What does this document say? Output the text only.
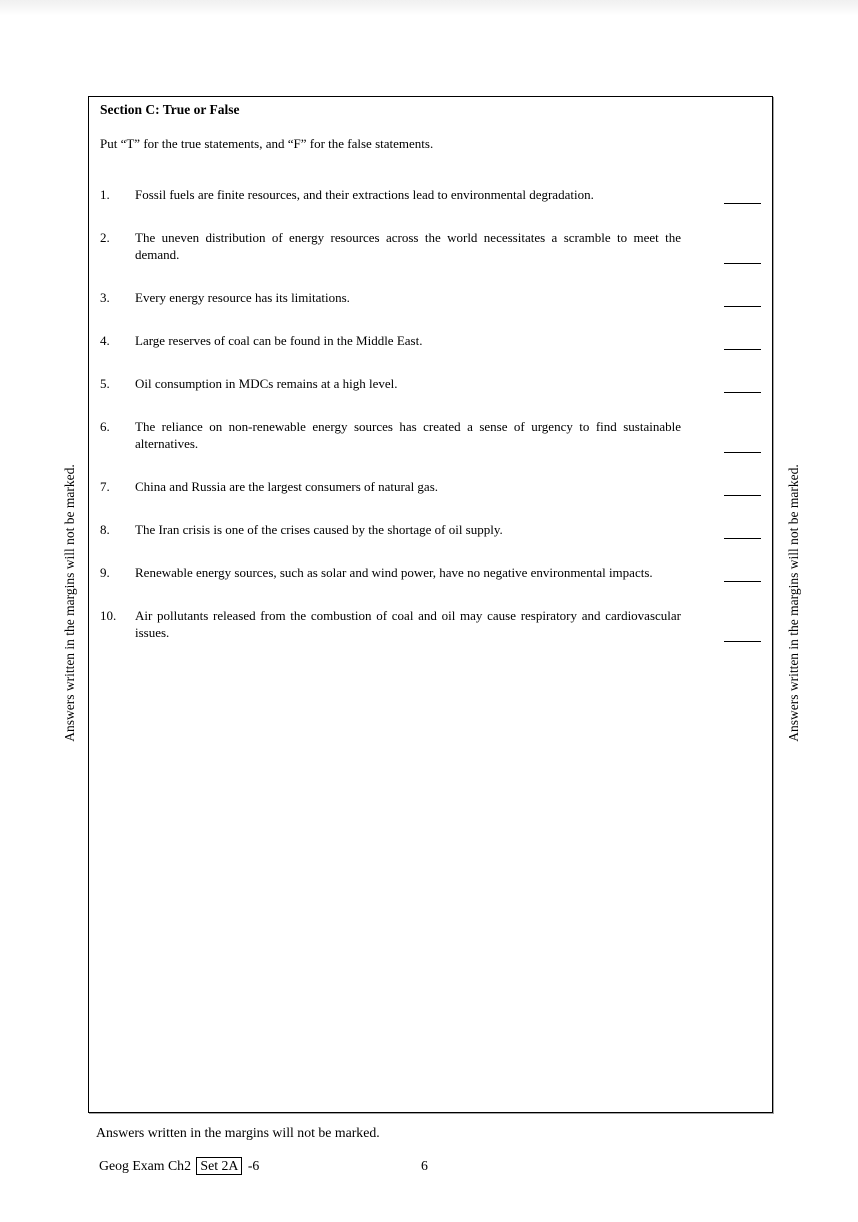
Answers written in the margins will not be marked.	Answers written in the margins will not be marked.
Section C: True or False
Put “T” for the true statements, and “F” for the false statements.
1.	Fossil fuels are finite resources, and their extractions lead to environmental degradation.
2.	The uneven distribution of energy resources across the world necessitates a scramble to meet the demand.
3.	Every energy resource has its limitations.
4.	Large reserves of coal can be found in the Middle East.
5.	Oil consumption in MDCs remains at a high level.
6.	The reliance on non-renewable energy sources has created a sense of urgency to find sustainable alternatives.
7.	China and Russia are the largest consumers of natural gas.
8.	The Iran crisis is one of the crises caused by the shortage of oil supply.
9.	Renewable energy sources, such as solar and wind power, have no negative environmental impacts.
10.	Air pollutants released from the combustion of coal and oil may cause respiratory and cardiovascular issues.
Answers written in the margins will not be marked.
Geog Exam Ch2 Set 2A -6	6
